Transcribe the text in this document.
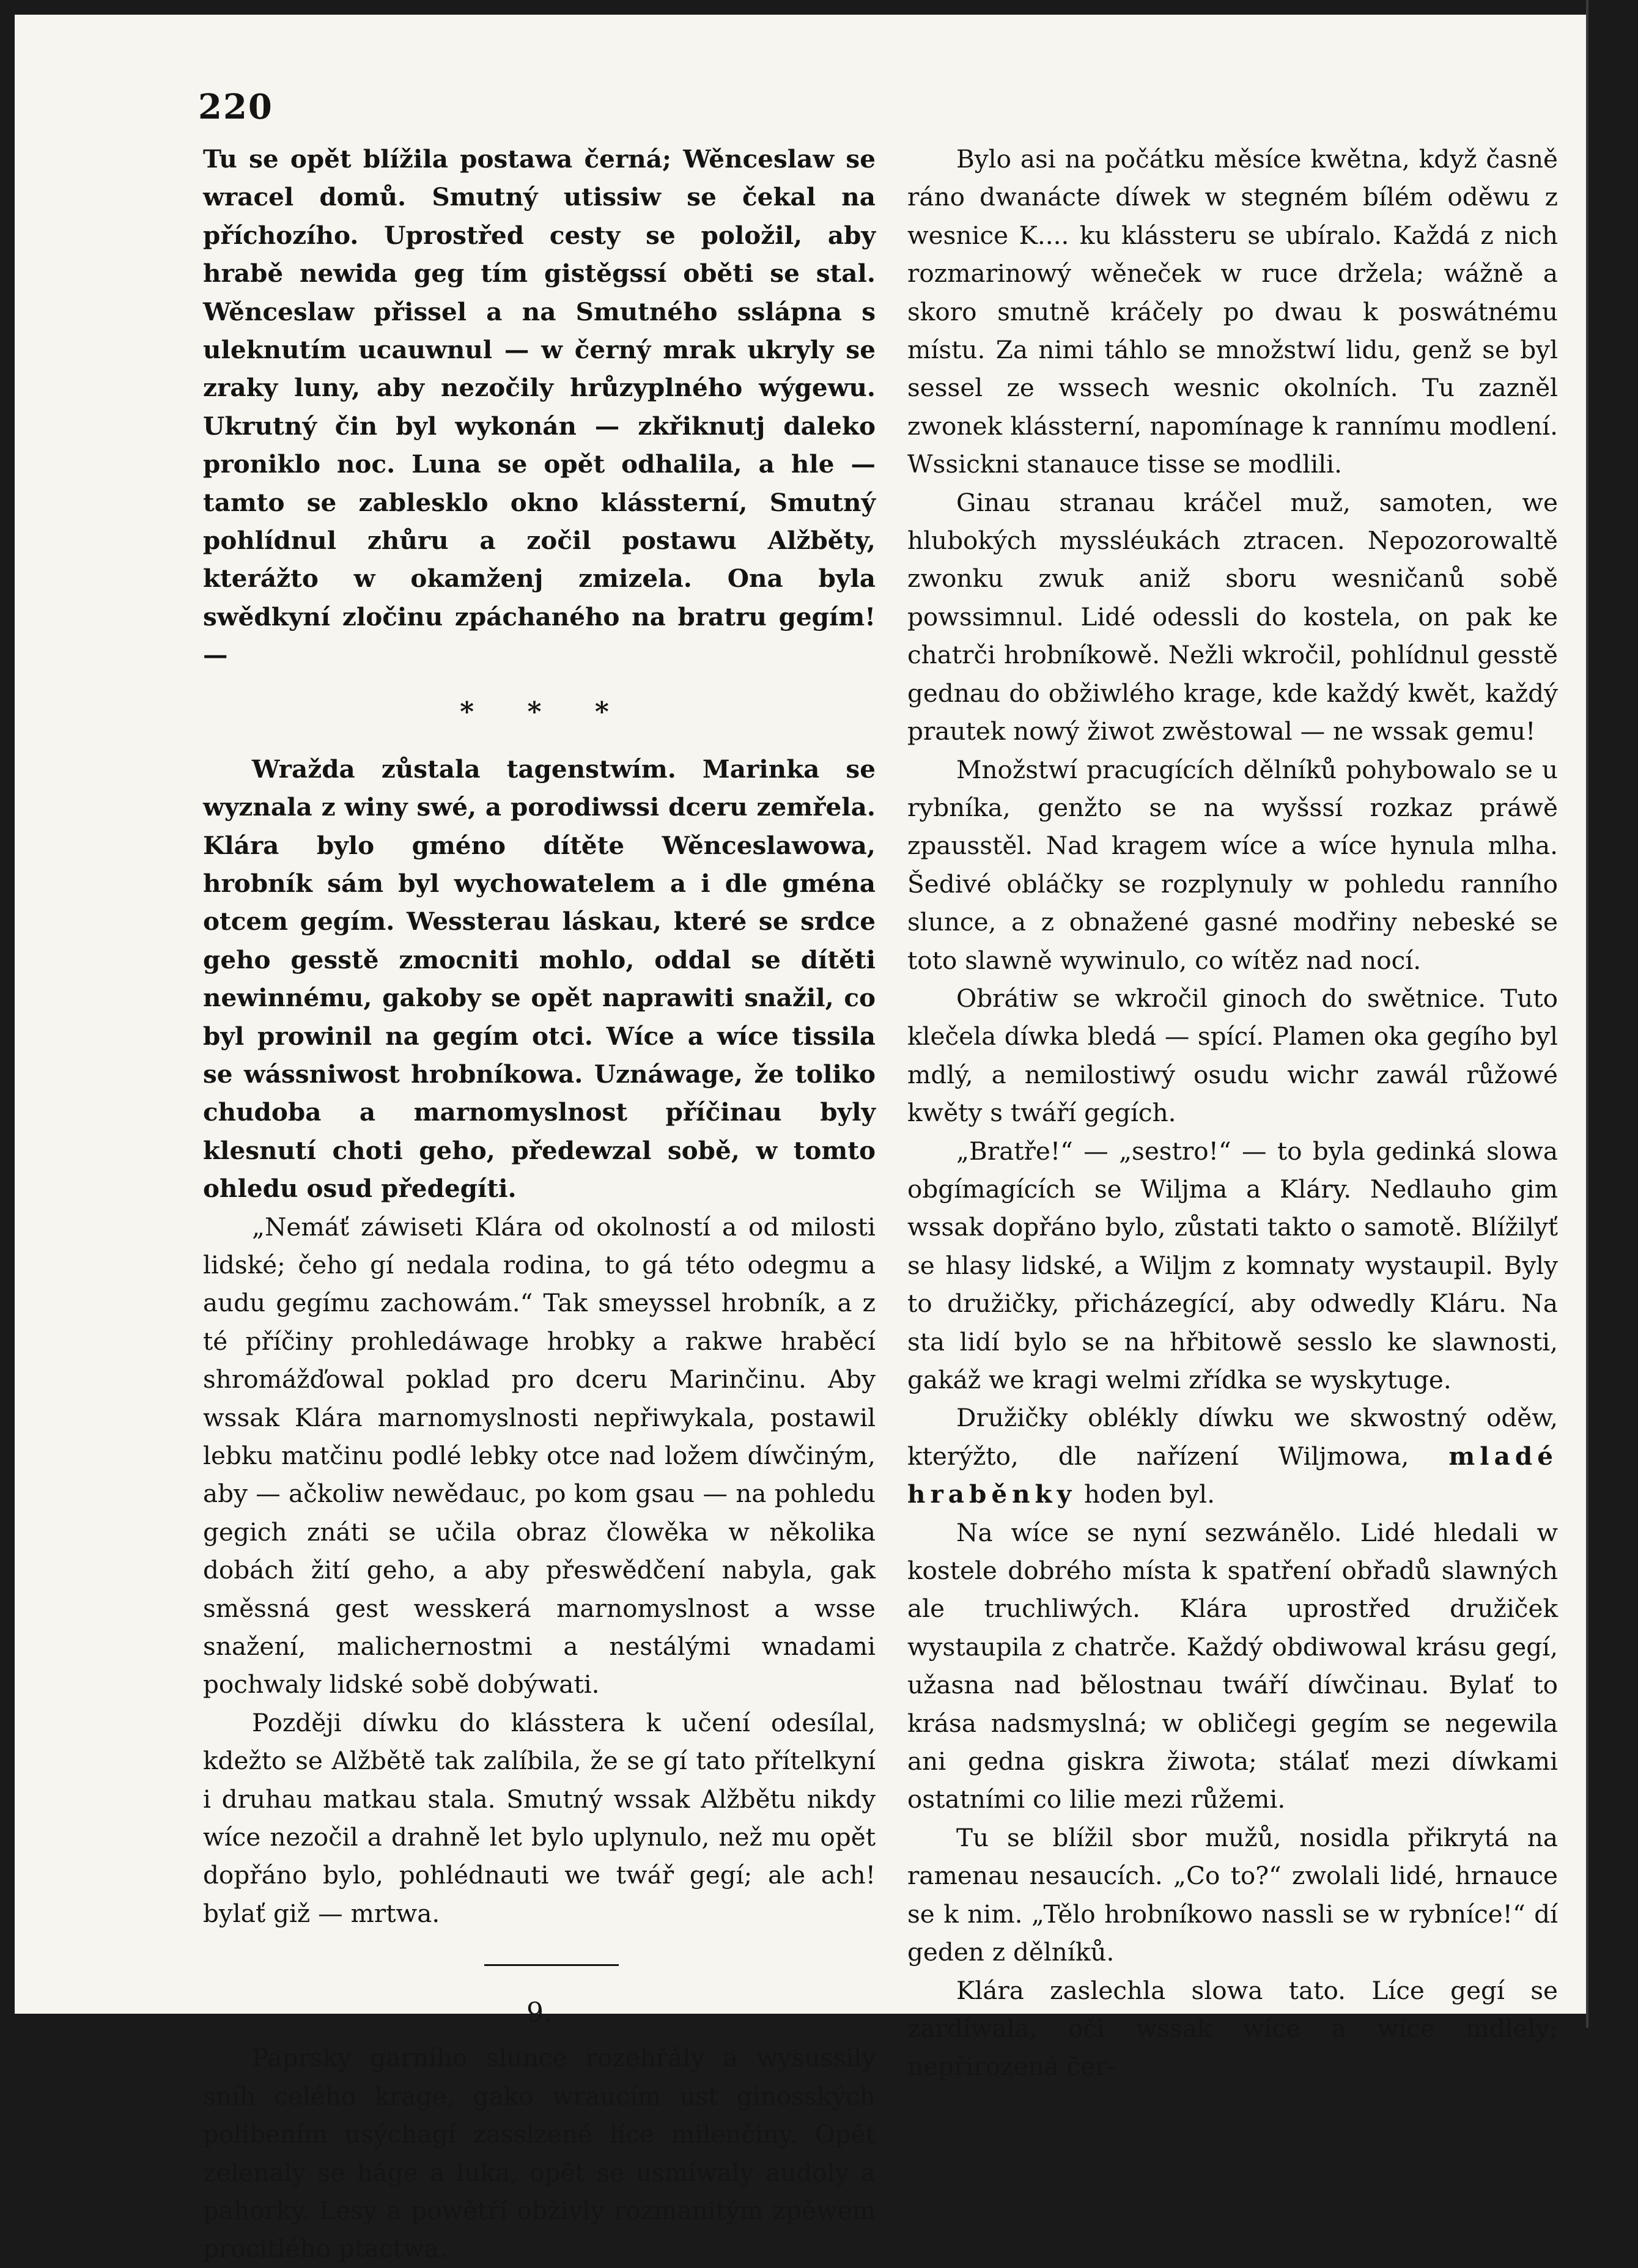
220

Tu se opět blížila postawa černá; Wěnceslaw se wracel domů. Smutný utissiw se čekal na příchozího. Uprostřed cesty se položil, aby hrabě newida geg tím gistěgssí oběti se stal. Wěnceslaw přissel a na Smutného sslápna s uleknutím ucauwnul — w černý mrak ukryly se zraky luny, aby nezočily hrůzyplného wýgewu. Ukrutný čin byl wykonán — zkřiknutj daleko proniklo noc. Luna se opět odhalila, a hle — tamto se zablesklo okno klássterní, Smutný pohlídnul zhůru a zočil postawu Alžběty, kterážto w okamženj zmizela. Ona byla swědkyní zločinu zpáchaného na bratru gegím! —

* * *

Wražda zůstala tagenstwím. Marinka se wyznala z winy swé, a porodiwssi dceru zemřela. Klára bylo gméno dítěte Wěnceslawowa, hrobník sám byl wychowatelem a i dle gména otcem gegím. Wessterau láskau, které se srdce geho gesstě zmocniti mohlo, oddal se dítěti newinnému, gakoby se opět naprawiti snažil, co byl prowinil na gegím otci. Wíce a wíce tissila se wássniwost hrobníkowa. Uznáwage, že toliko chudoba a marnomyslnost příčinau byly klesnutí choti geho, předewzal sobě, w tomto ohledu osud předegíti.

„Nemáť záwiseti Klára od okolností a od milosti lidské; čeho gí nedala rodina, to gá této odegmu a audu gegímu zachowám.“ Tak smeyssel hrobník, a z té příčiny prohledáwage hrobky a rakwe hraběcí shromážďowal poklad pro dceru Marinčinu. Aby wssak Klára marnomyslnosti nepřiwykala, postawil lebku matčinu podlé lebky otce nad ložem díwčiným, aby — ačkoliw newědauc, po kom gsau — na pohledu gegich znáti se učila obraz člowěka w několika dobách žití geho, a aby přeswědčení nabyla, gak směssná gest wesskerá marnomyslnost a wsse snažení, malichernostmi a nestálými wnadami pochwaly lidské sobě dobýwati.

Později díwku do klásstera k učení odesílal, kdežto se Alžbětě tak zalíbila, že se gí tato přítelkyní i druhau matkau stala. Smutný wssak Alžbětu nikdy wíce nezočil a drahně let bylo uplynulo, než mu opět dopřáno bylo, pohlédnauti we twář gegí; ale ach! bylať giž — mrtwa.

9.

Paprsky garního slunce rozehřály a wysussily sníh celého krage, gako wraucím ust ginosských polibením usýchagí zasslzené líce milenčiny. Opět zelenaly se háge a luka, opět se usmíwaly audoly a pahorky. Lesy a powětří obživly rozmanitým zpěwem procitlého ptactwa.

Bylo asi na počátku měsíce kwětna, když časně ráno dwanácte díwek w stegném bílém oděwu z wesnice K.... ku klássteru se ubíralo. Každá z nich rozmarinowý wěneček w ruce držela; wážně a skoro smutně kráčely po dwau k poswátnému místu. Za nimi táhlo se množstwí lidu, genž se byl sessel ze wssech wesnic okolních. Tu zazněl zwonek klássterní, napomínage k rannímu modlení. Wssickni stanauce tisse se modlili.

Ginau stranau kráčel muž, samoten, we hlubokých myssléukách ztracen. Nepozorowaltě zwonku zwuk aniž sboru wesničanů sobě powssimnul. Lidé odessli do kostela, on pak ke chatrči hrobníkowě. Nežli wkročil, pohlídnul gesstě gednau do obžiwlého krage, kde každý kwět, každý prautek nowý žiwot zwěstowal — ne wssak gemu!

Množstwí pracugících dělníků pohybowalo se u rybníka, genžto se na wyšssí rozkaz práwě zpausstěl. Nad kragem wíce a wíce hynula mlha. Šedivé obláčky se rozplynuly w pohledu ranního slunce, a z obnažené gasné modřiny nebeské se toto slawně wywinulo, co wítěz nad nocí.

Obrátiw se wkročil ginoch do swětnice. Tuto klečela díwka bledá — spící. Plamen oka gegího byl mdlý, a nemilostiwý osudu wichr zawál růžowé kwěty s twáří gegích.

„Bratře!“ — „sestro!“ — to byla gedinká slowa obgímagících se Wiljma a Kláry. Nedlauho gim wssak dopřáno bylo, zůstati takto o samotě. Blížilyť se hlasy lidské, a Wiljm z komnaty wystaupil. Byly to družičky, přicházegící, aby odwedly Kláru. Na sta lidí bylo se na hřbitowě sesslo ke slawnosti, gakáž we kragi welmi zřídka se wyskytuge.

Družičky oblékly díwku we skwostný oděw, kterýžto, dle nařízení Wiljmowa, mladé hraběnky hoden byl.

Na wíce se nyní sezwánělo. Lidé hledali w kostele dobrého místa k spatření obřadů slawných ale truchliwých. Klára uprostřed družiček wystaupila z chatrče. Každý obdiwowal krásu gegí, užasna nad bělostnau twáří díwčinau. Bylať to krása nadsmyslná; w obličegi gegím se negewila ani gedna giskra žiwota; stálať mezi díwkami ostatními co lilie mezi růžemi.

Tu se blížil sbor mužů, nosidla přikrytá na ramenau nesaucích. „Co to?“ zwolali lidé, hrnauce se k nim. „Tělo hrobníkowo nassli se w rybníce!“ dí geden z dělníků.

Klára zaslechla slowa tato. Líce gegí se zardíwala, oči wssak wíce a wíce mdlely; nepřirozená čer-
